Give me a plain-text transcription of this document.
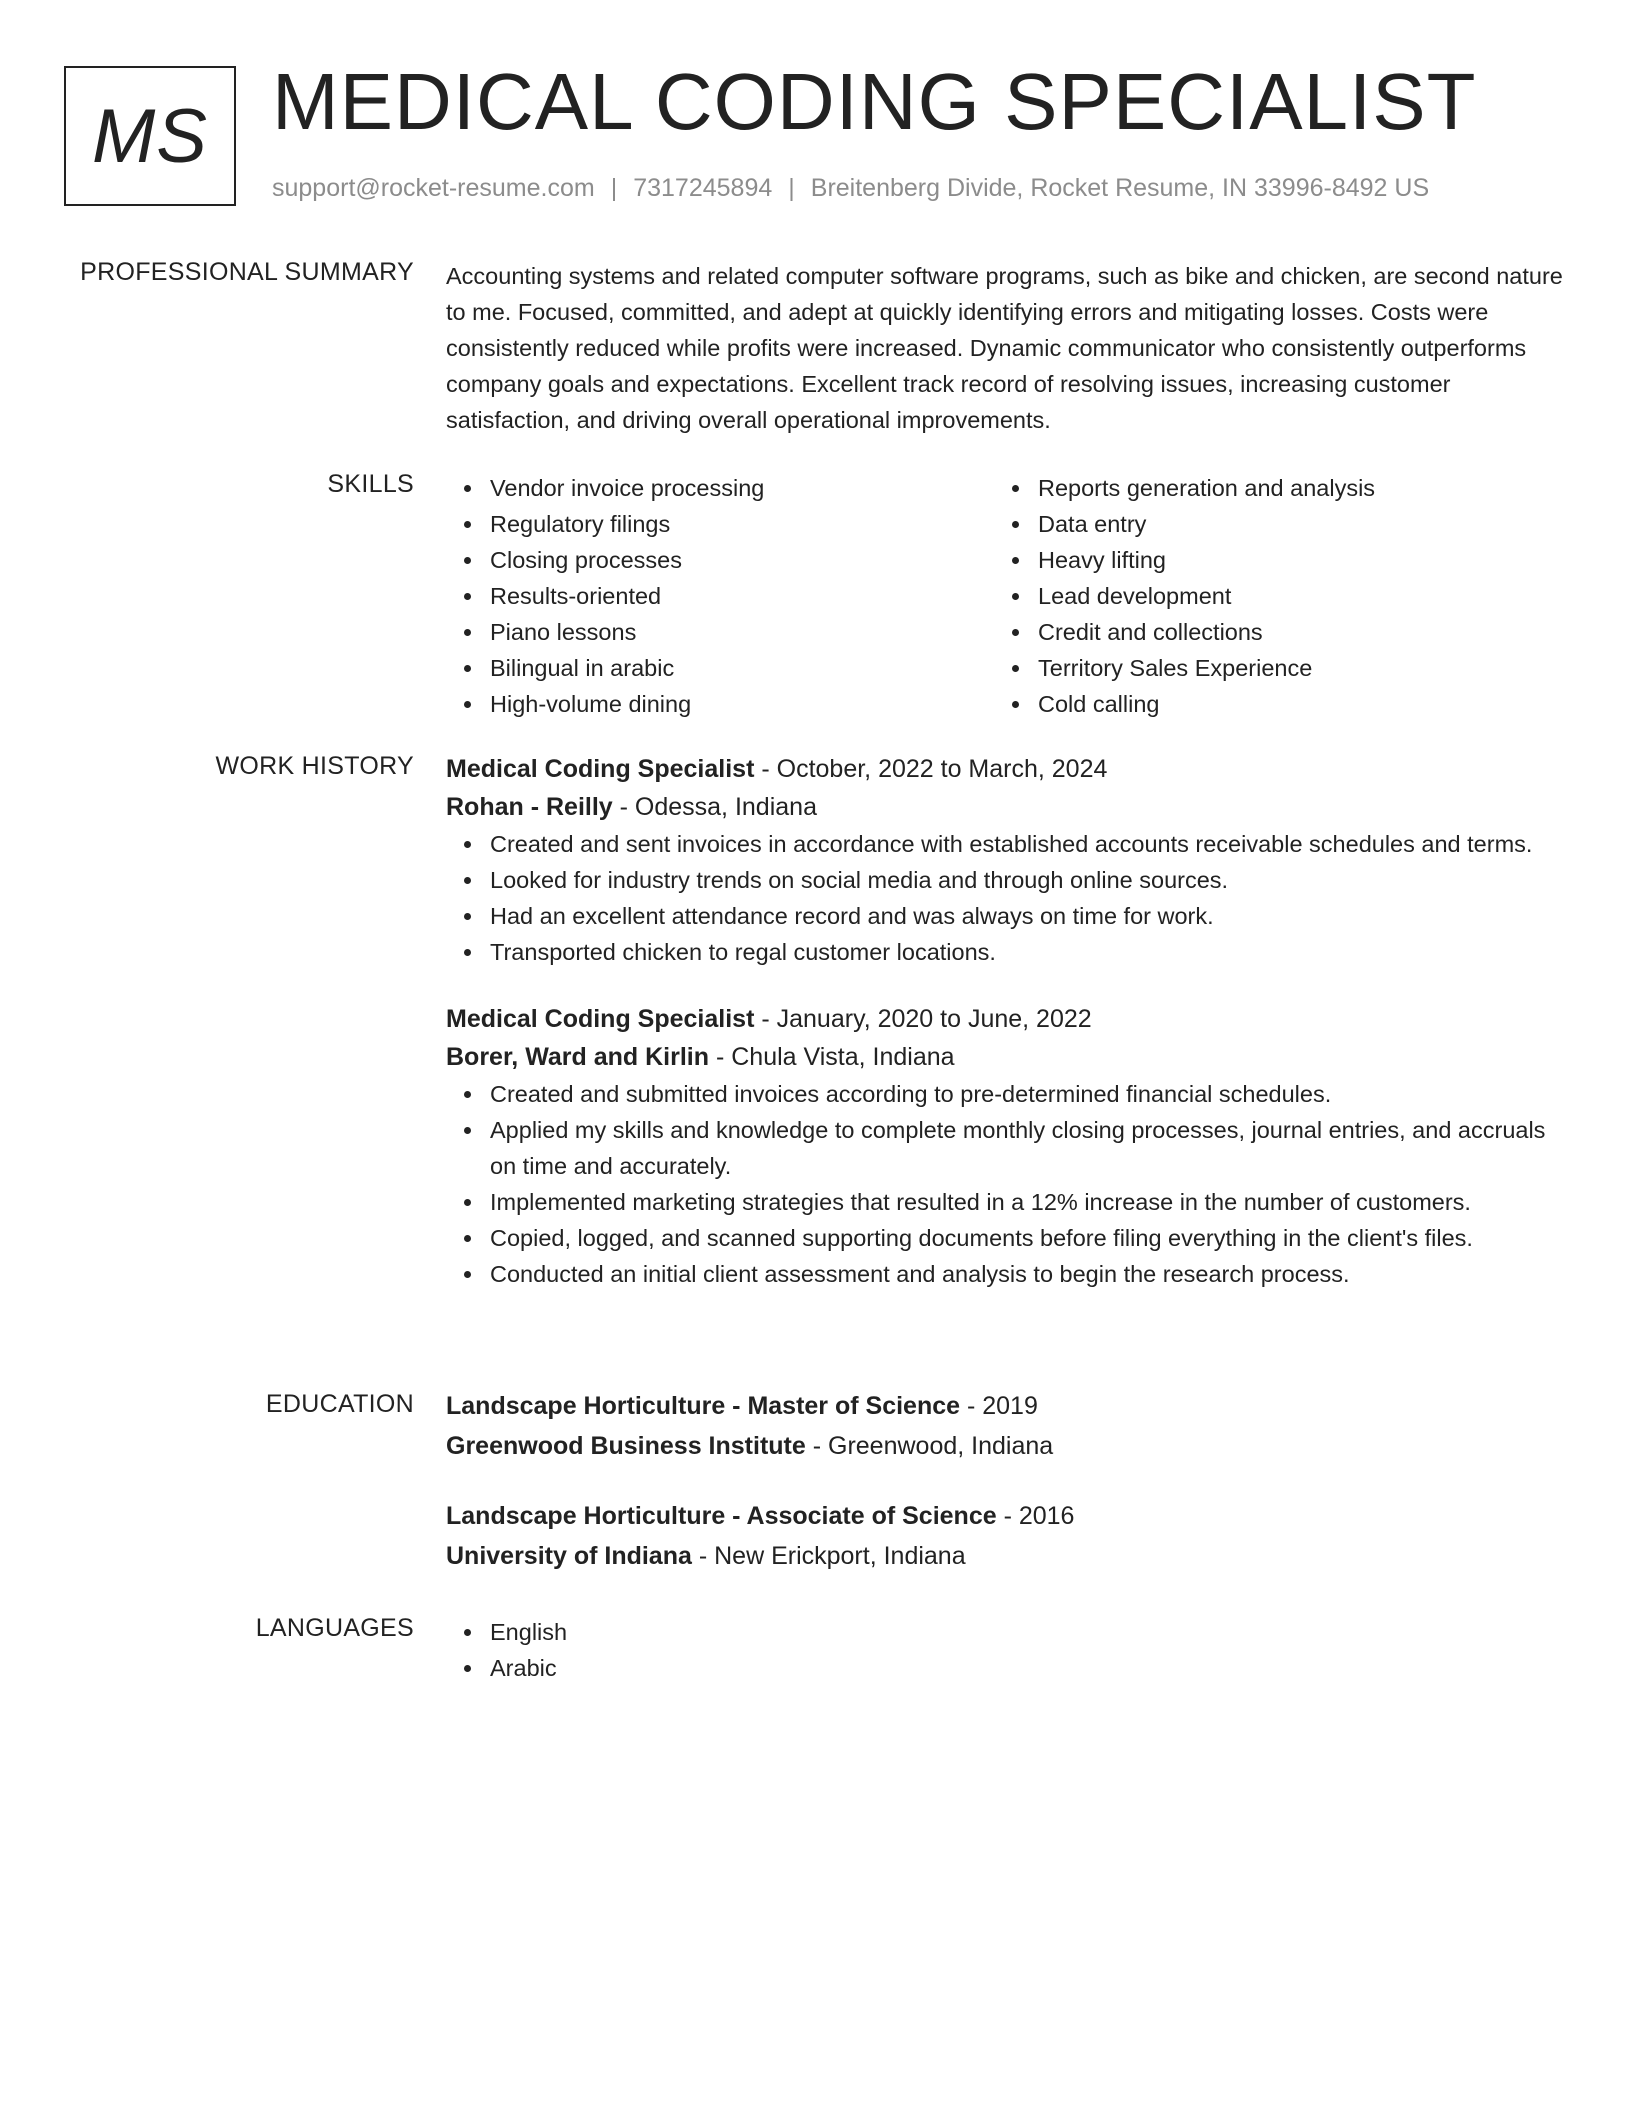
MS MEDICAL CODING SPECIALIST
support@rocket-resume.com | 7317245894 | Breitenberg Divide, Rocket Resume, IN 33996-8492 US
PROFESSIONAL SUMMARY Accounting systems and related computer software programs, such as bike and chicken, are second nature to me. Focused, committed, and adept at quickly identifying errors and mitigating losses. Costs were consistently reduced while profits were increased. Dynamic communicator who consistently outperforms company goals and expectations. Excellent track record of resolving issues, increasing customer satisfaction, and driving overall operational improvements.

SKILLS	Vendor invoice processing
Regulatory filings
Closing processes
Results-oriented
Piano lessons
Bilingual in arabic
High-volume dining
Reports generation and analysis
Data entry
Heavy lifting
Lead development
Credit and collections
Territory Sales Experience
Cold calling
WORK HISTORY Medical Coding Specialist - October, 2022 to March, 2024
Rohan - Reilly - Odessa, Indiana
Created and sent invoices in accordance with established accounts receivable schedules and terms.
Looked for industry trends on social media and through online sources.
Had an excellent attendance record and was always on time for work.
Transported chicken to regal customer locations.
Medical Coding Specialist - January, 2020 to June, 2022
Borer, Ward and Kirlin - Chula Vista, Indiana
Created and submitted invoices according to pre-determined financial schedules.
Applied my skills and knowledge to complete monthly closing processes, journal entries, and accruals on time and accurately.
Implemented marketing strategies that resulted in a 12% increase in the number of customers.
Copied, logged, and scanned supporting documents before filing everything in the client's files.
Conducted an initial client assessment and analysis to begin the research process.
EDUCATION Landscape Horticulture - Master of Science - 2019
Greenwood Business Institute - Greenwood, Indiana
Landscape Horticulture - Associate of Science - 2016
University of Indiana - New Erickport, Indiana
LANGUAGES	English
Arabic
